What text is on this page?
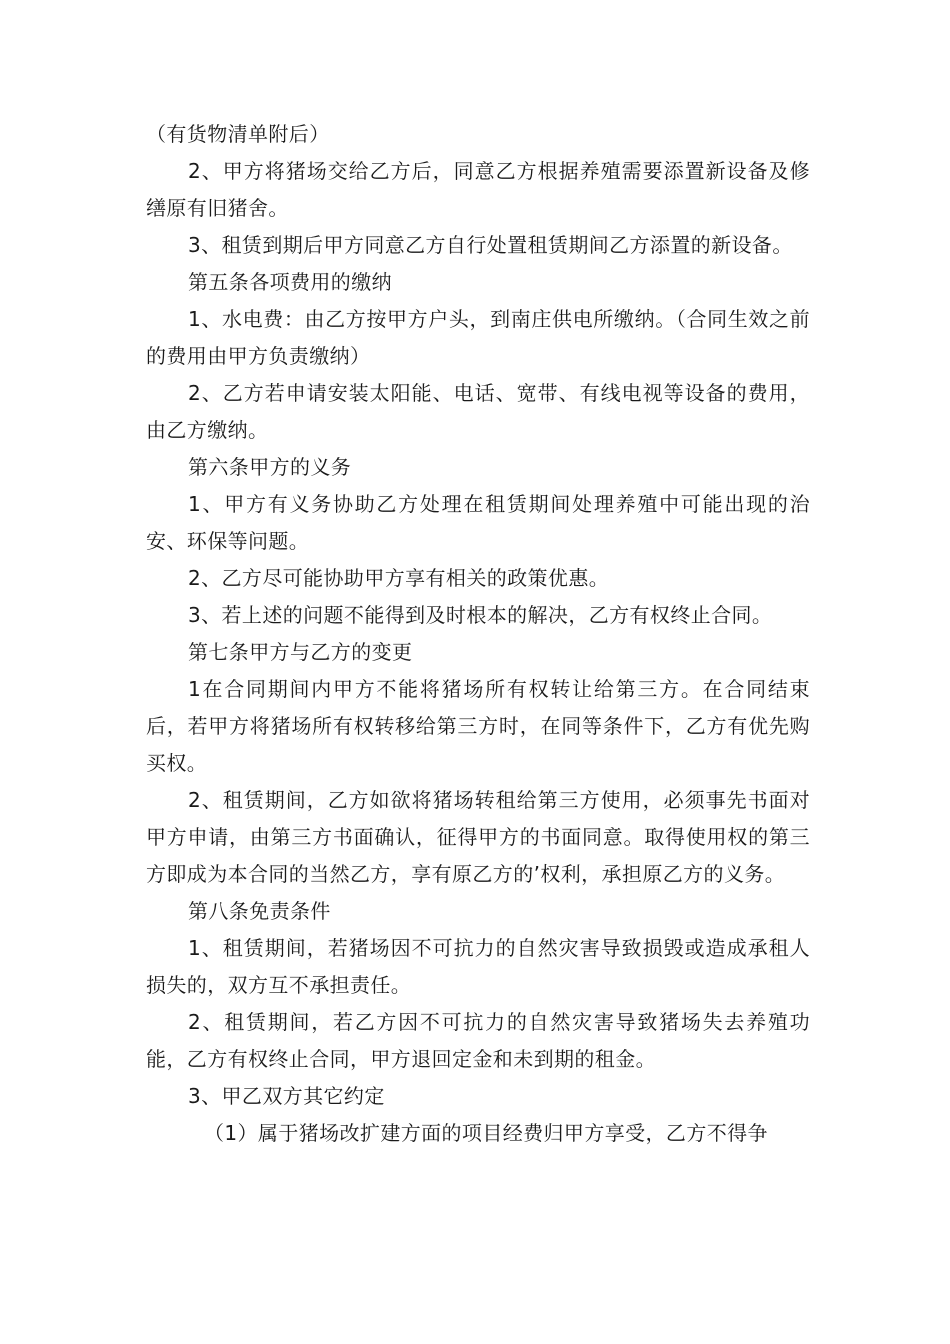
（有货物清单附后）

2、甲方将猪场交给乙方后，同意乙方根据养殖需要添置新设备及修缮原有旧猪舍。

3、租赁到期后甲方同意乙方自行处置租赁期间乙方添置的新设备。

第五条各项费用的缴纳

1、水电费：由乙方按甲方户头，到南庄供电所缴纳。（合同生效之前的费用由甲方负责缴纳）

2、乙方若申请安装太阳能、电话、宽带、有线电视等设备的费用，由乙方缴纳。

第六条甲方的义务

1、甲方有义务协助乙方处理在租赁期间处理养殖中可能出现的治安、环保等问题。

2、乙方尽可能协助甲方享有相关的政策优惠。

3、若上述的问题不能得到及时根本的解决，乙方有权终止合同。

第七条甲方与乙方的变更

1在合同期间内甲方不能将猪场所有权转让给第三方。在合同结束后，若甲方将猪场所有权转移给第三方时，在同等条件下，乙方有优先购买权。

2、租赁期间，乙方如欲将猪场转租给第三方使用，必须事先书面对甲方申请，由第三方书面确认，征得甲方的书面同意。取得使用权的第三方即成为本合同的当然乙方，享有原乙方的’权利，承担原乙方的义务。

第八条免责条件

1、租赁期间，若猪场因不可抗力的自然灾害导致损毁或造成承租人损失的，双方互不承担责任。

2、租赁期间，若乙方因不可抗力的自然灾害导致猪场失去养殖功能，乙方有权终止合同，甲方退回定金和未到期的租金。

3、甲乙双方其它约定

（1）属于猪场改扩建方面的项目经费归甲方享受，乙方不得争
